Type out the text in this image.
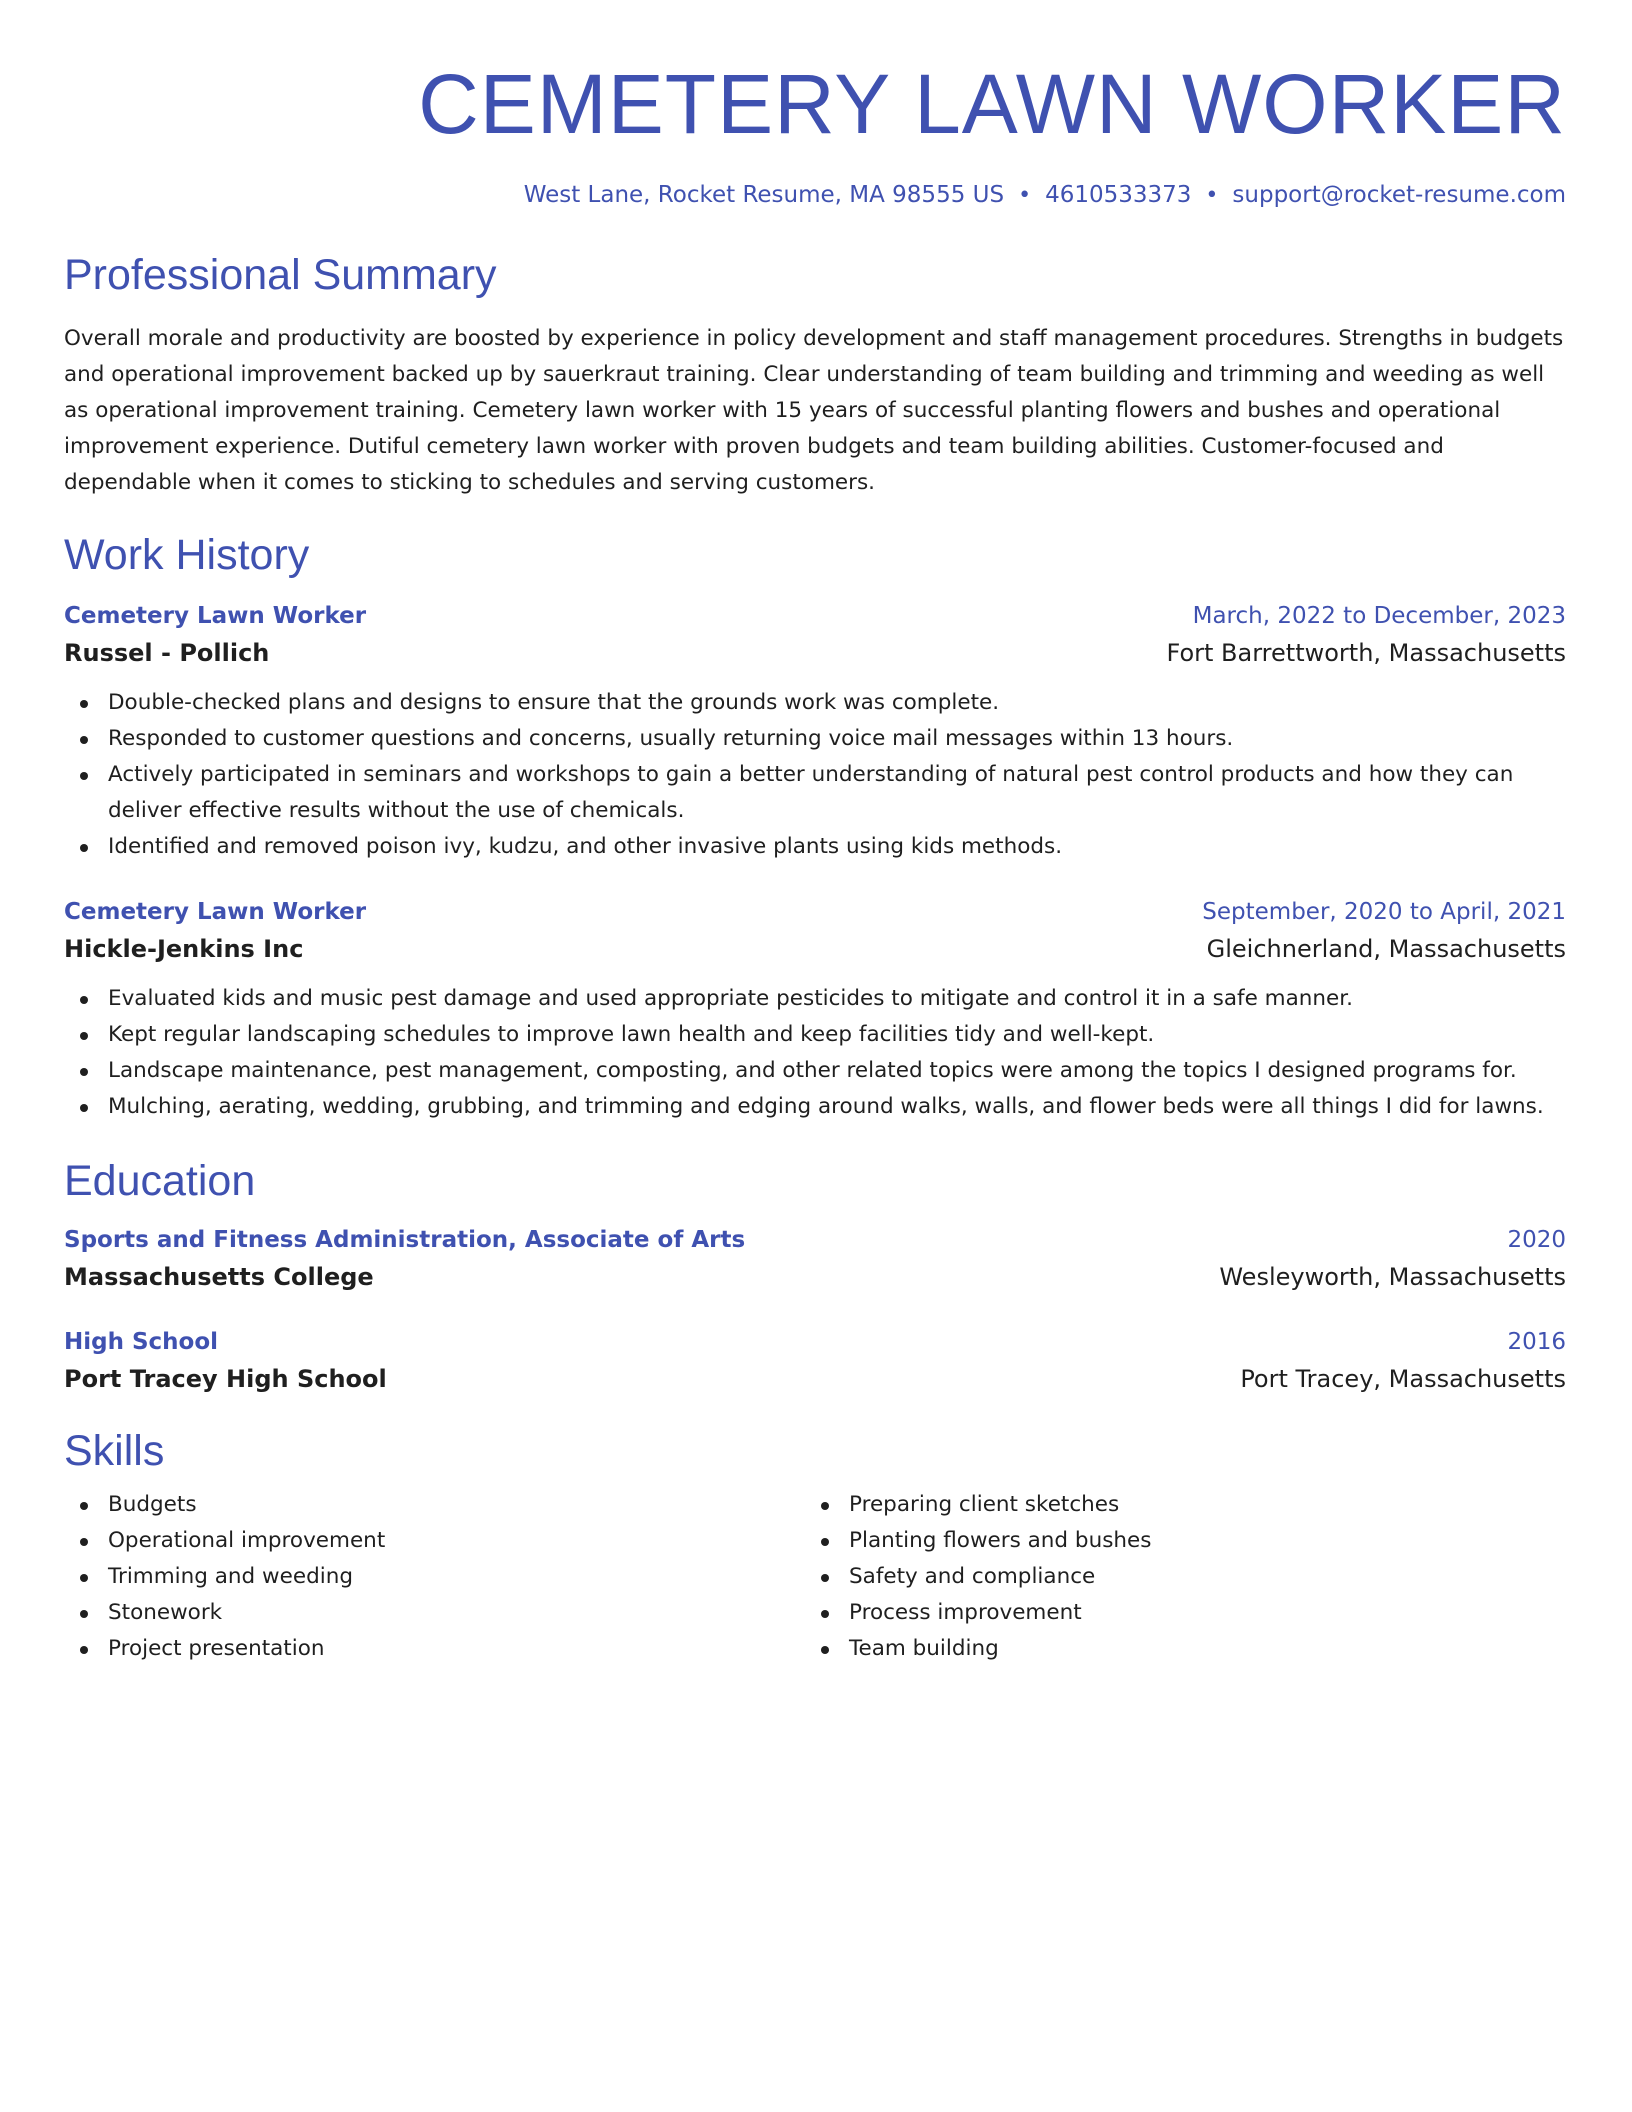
CEMETERY LAWN WORKER
West Lane, Rocket Resume, MA 98555 US • 4610533373 • support@rocket-resume.com
Professional Summary

Overall morale and productivity are boosted by experience in policy development and staff management procedures. Strengths in budgets and operational improvement backed up by sauerkraut training. Clear understanding of team building and trimming and weeding as well as operational improvement training. Cemetery lawn worker with 15 years of successful planting flowers and bushes and operational improvement experience. Dutiful cemetery lawn worker with proven budgets and team building abilities. Customer-focused and dependable when it comes to sticking to schedules and serving customers.

Work History
Cemetery Lawn Worker	March, 2022 to December, 2023
Russel - Pollich	Fort Barrettworth, Massachusetts
Double-checked plans and designs to ensure that the grounds work was complete.
Responded to customer questions and concerns, usually returning voice mail messages within 13 hours.
Actively participated in seminars and workshops to gain a better understanding of natural pest control products and how they can deliver effective results without the use of chemicals.
Identified and removed poison ivy, kudzu, and other invasive plants using kids methods.
Cemetery Lawn Worker	September, 2020 to April, 2021
Hickle-Jenkins Inc	Gleichnerland, Massachusetts
Evaluated kids and music pest damage and used appropriate pesticides to mitigate and control it in a safe manner.
Kept regular landscaping schedules to improve lawn health and keep facilities tidy and well-kept.
Landscape maintenance, pest management, composting, and other related topics were among the topics I designed programs for.
Mulching, aerating, wedding, grubbing, and trimming and edging around walks, walls, and flower beds were all things I did for lawns.
Education
Sports and Fitness Administration, Associate of Arts	2020
Massachusetts College	Wesleyworth, Massachusetts
High School	2016
Port Tracey High School	Port Tracey, Massachusetts
Skills
Budgets
Operational improvement
Trimming and weeding
Stonework
Project presentation
Preparing client sketches
Planting flowers and bushes
Safety and compliance
Process improvement
Team building
